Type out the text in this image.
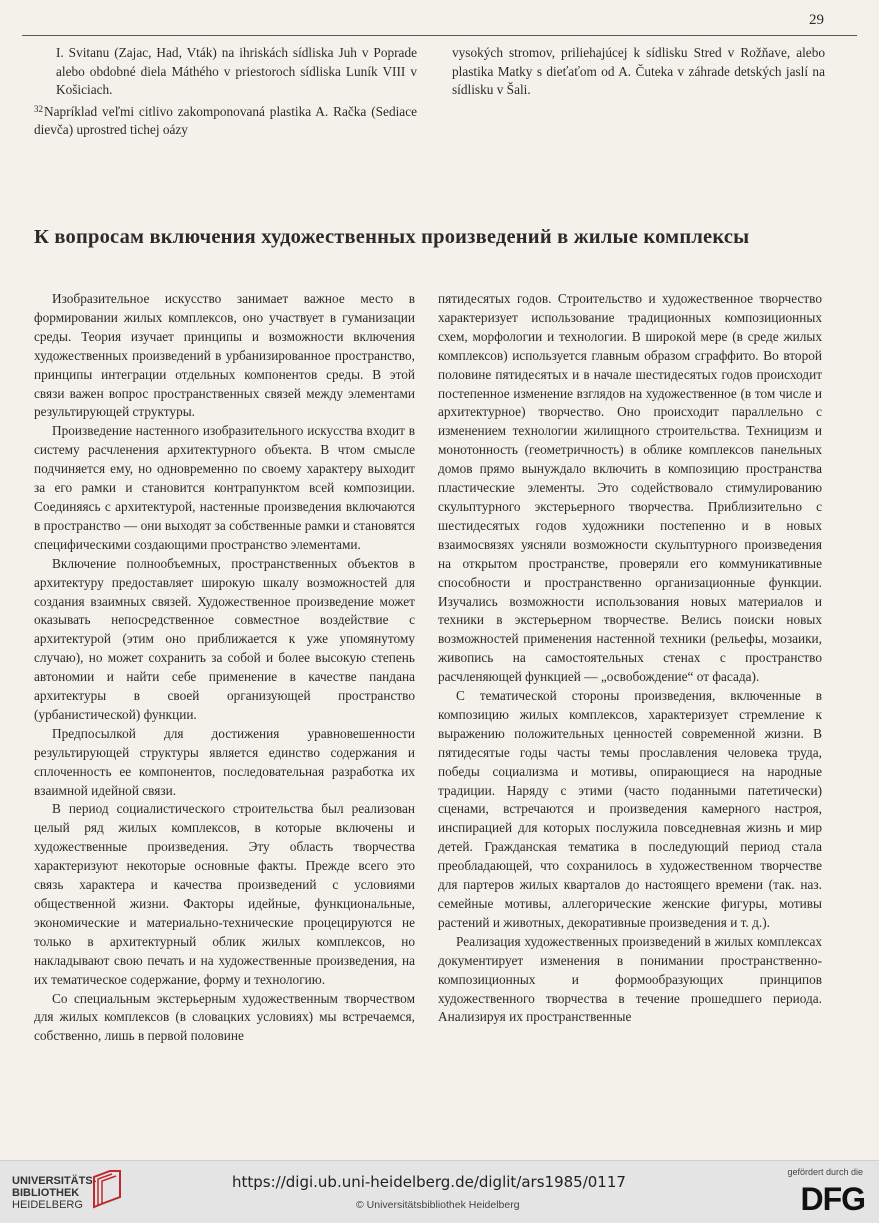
29

I. Svitanu (Zajac, Had, Vták) na ihriskách sídliska Juh v Poprade alebo obdobné diela Máthého v priestoroch sídliska Luník VIII v Košiciach.

$^{32}$Napríklad veľmi citlivo zakomponovaná plastika A. Račka (Sediace dievča) uprostred tichej oázy

vysokých stromov, priliehajúcej k sídlisku Stred v Rožňave, alebo plastika Matky s dieťaťom od A. Čuteka v záhrade detských jaslí na sídlisku v Šali.

К вопросам включения художественных произведений в жилые комплексы

Изобразительное искусство занимает важное место в формировании жилых комплексов, оно участвует в гуманизации среды. Теория изучает принципы и возможности включения художественных произведений в урбанизированное пространство, принципы интеграции отдельных компонентов среды. В этой связи важен вопрос пространственных связей между элементами результирующей структуры.

Произведение настенного изобразительного искусства входит в систему расчленения архитектурного объекта. В чтом смысле подчиняется ему, но одновременно по своему характеру выходит за его рамки и становится контрапунктом всей композиции. Соединяясь с архитектурой, настенные произведения включаются в пространство — они выходят за собственные рамки и становятся специфическими создающими пространство элементами.

Включение полнообъемных, пространственных объектов в архитектуру предоставляет широкую шкалу возможностей для создания взаимных связей. Художественное произведение может оказывать непосредственное совместное воздействие с архитектурой (этим оно приближается к уже упомянутому случаю), но может сохранить за собой и более высокую степень автономии и найти себе применение в качестве пандана архитектуры в своей организующей пространство (урбанистической) функции.

Предпосылкой для достижения уравновешенности результирующей структуры является единство содержания и сплоченность ее компонентов, последовательная разработка их взаимной идейной связи.

В период социалистического строительства был реализован целый ряд жилых комплексов, в которые включены и художественные произведения. Эту область творчества характеризуют некоторые основные факты. Прежде всего это связь характера и качества произведений с условиями общественной жизни. Факторы идейные, функциональные, экономические и материально-технические процецируются не только в архитектурный облик жилых комплексов, но накладывают свою печать и на художественные произведения, на их тематическое содержание, форму и технологию.

Со специальным экстерьерным художественным творчеством для жилых комплексов (в словацких условиях) мы встречаемся, собственно, лишь в первой половине

пятидесятых годов. Строительство и художественное творчество характеризует использование традиционных композиционных схем, морфологии и технологии. В широкой мере (в среде жилых комплексов) используется главным образом сграффито. Во второй половине пятидесятых и в начале шестидесятых годов происходит постепенное изменение взглядов на художественное (в том числе и архитектурное) творчество. Оно происходит параллельно с изменением технологии жилищного строительства. Техницизм и монотонность (геометричность) в облике комплексов панельных домов прямо вынуждало включить в композицию пространства пластические элементы. Это содействовало стимулированию скульптурного экстерьерного творчества. Приблизительно с шестидесятых годов художники постепенно и в новых взаимосвязях уясняли возможности скульптурного произведения на открытом пространстве, проверяли его коммуникативные способности и пространственно организационные функции. Изучались возможности использования новых материалов и техники в экстерьерном творчестве. Велись поиски новых возможностей применения настенной техники (рельефы, мозаики, живопись на самостоятельных стенах с пространство расчленяющей функцией — „освобождение“ от фасада).

С тематической стороны произведения, включенные в композицию жилых комплексов, характеризует стремление к выражению положительных ценностей современной жизни. В пятидесятые годы часты темы прославления человека труда, победы социализма и мотивы, опирающиеся на народные традиции. Наряду с этими (часто поданными патетически) сценами, встречаются и произведения камерного настроя, инспирацией для которых послужила повседневная жизнь и мир детей. Гражданская тематика в последующий период стала преобладающей, что сохранилось в художественном творчестве для партеров жилых кварталов до настоящего времени (так. наз. семейные мотивы, аллегорические женские фигуры, мотивы растений и животных, декоративные произведения и т. д.).

Реализация художественных произведений в жилых комплексах документирует изменения в понимании пространственно-композиционных и формообразующих принципов художественного творчества в течение прошедшего периода. Анализируя их пространственные

UNIVERSITÄTS-
BIBLIOTHEK
HEIDELBERG
https://digi.ub.uni-heidelberg.de/diglit/ars1985/0117
© Universitätsbibliothek Heidelberg
gefördert durch die
DFG
